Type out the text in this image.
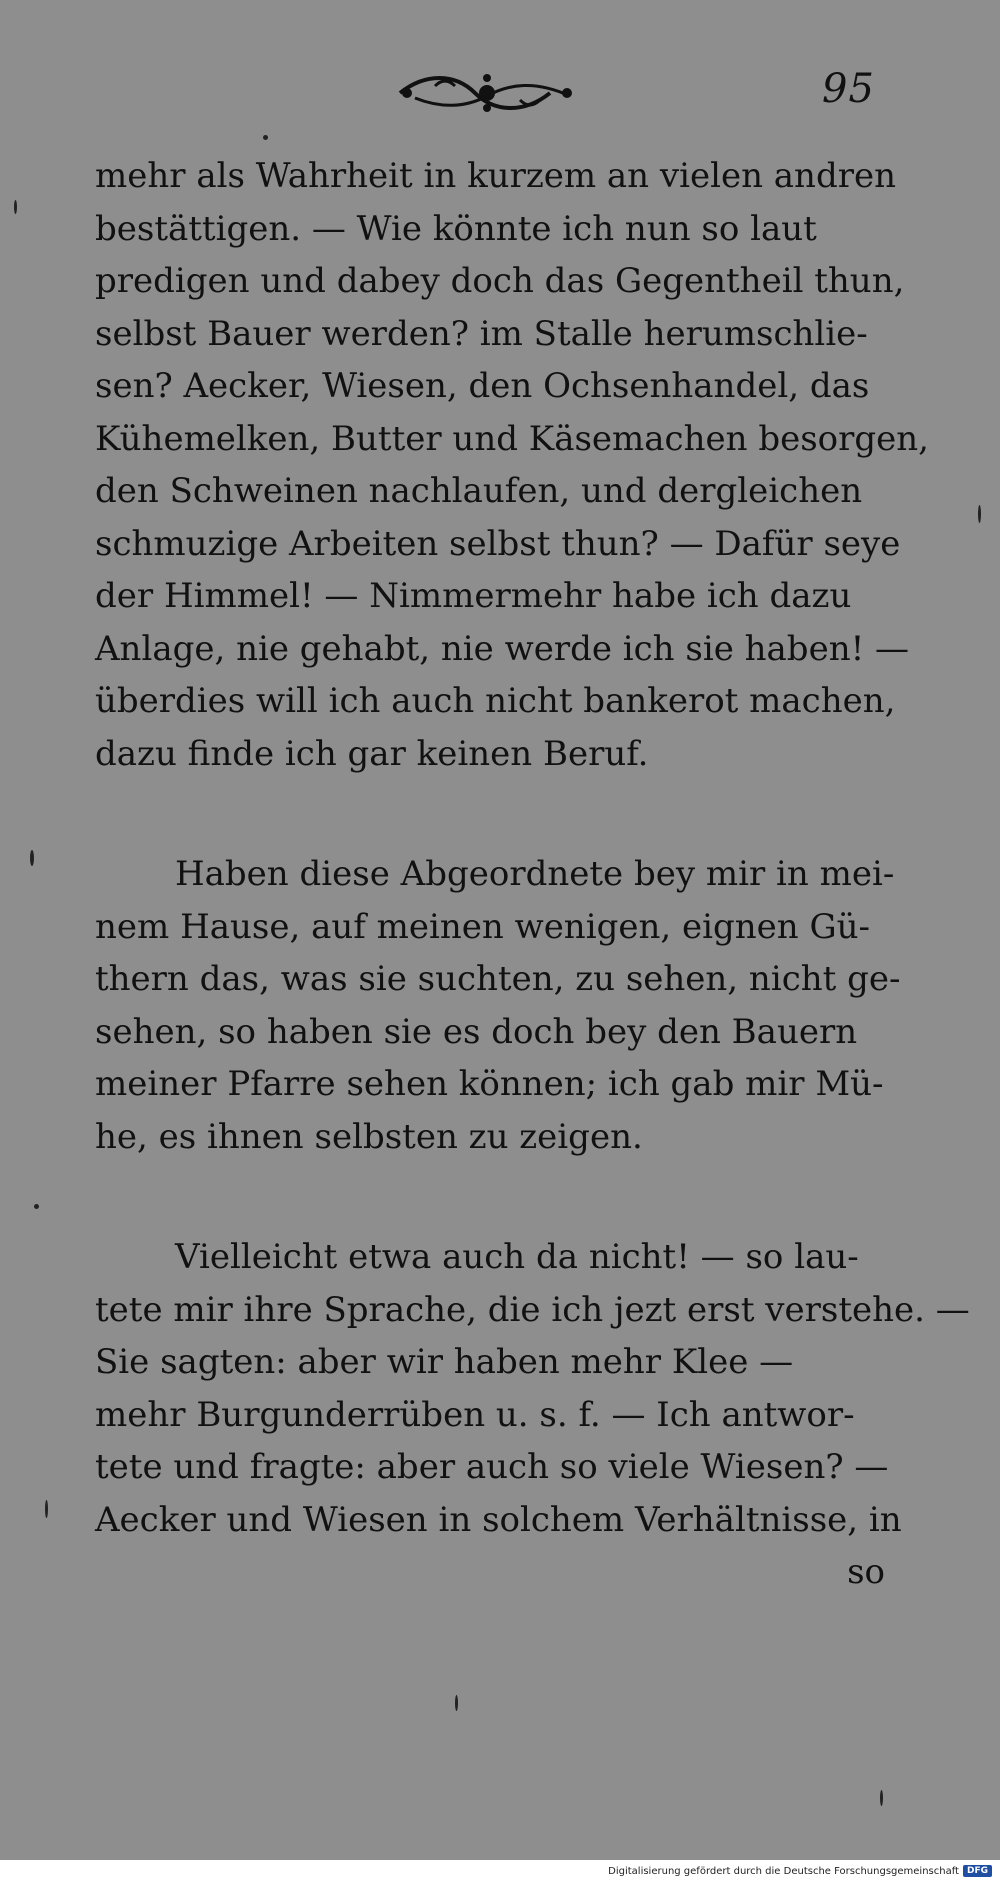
95
mehr als Wahrheit in kurzem an vielen andren
bestättigen. — Wie könnte ich nun so laut
predigen und dabey doch das Gegentheil thun,
selbst Bauer werden? im Stalle herumschlie-
sen? Aecker, Wiesen, den Ochsenhandel, das
Kühemelken, Butter und Käsemachen besorgen,
den Schweinen nachlaufen, und dergleichen
schmuzige Arbeiten selbst thun? — Dafür seye
der Himmel! — Nimmermehr habe ich dazu
Anlage, nie gehabt, nie werde ich sie haben! —
überdies will ich auch nicht bankerot machen,
dazu finde ich gar keinen Beruf.
Haben diese Abgeordnete bey mir in mei-
nem Hause, auf meinen wenigen, eignen Gü-
thern das, was sie suchten, zu sehen, nicht ge-
sehen, so haben sie es doch bey den Bauern
meiner Pfarre sehen können; ich gab mir Mü-
he, es ihnen selbsten zu zeigen.
Vielleicht etwa auch da nicht! — so lau-
tete mir ihre Sprache, die ich jezt erst verstehe. —
Sie sagten: aber wir haben mehr Klee —
mehr Burgunderrüben u. s. f. — Ich antwor-
tete und fragte: aber auch so viele Wiesen? —
Aecker und Wiesen in solchem Verhältnisse, in
so
Digitalisierung gefördert durch die Deutsche Forschungsgemeinschaft DFG
